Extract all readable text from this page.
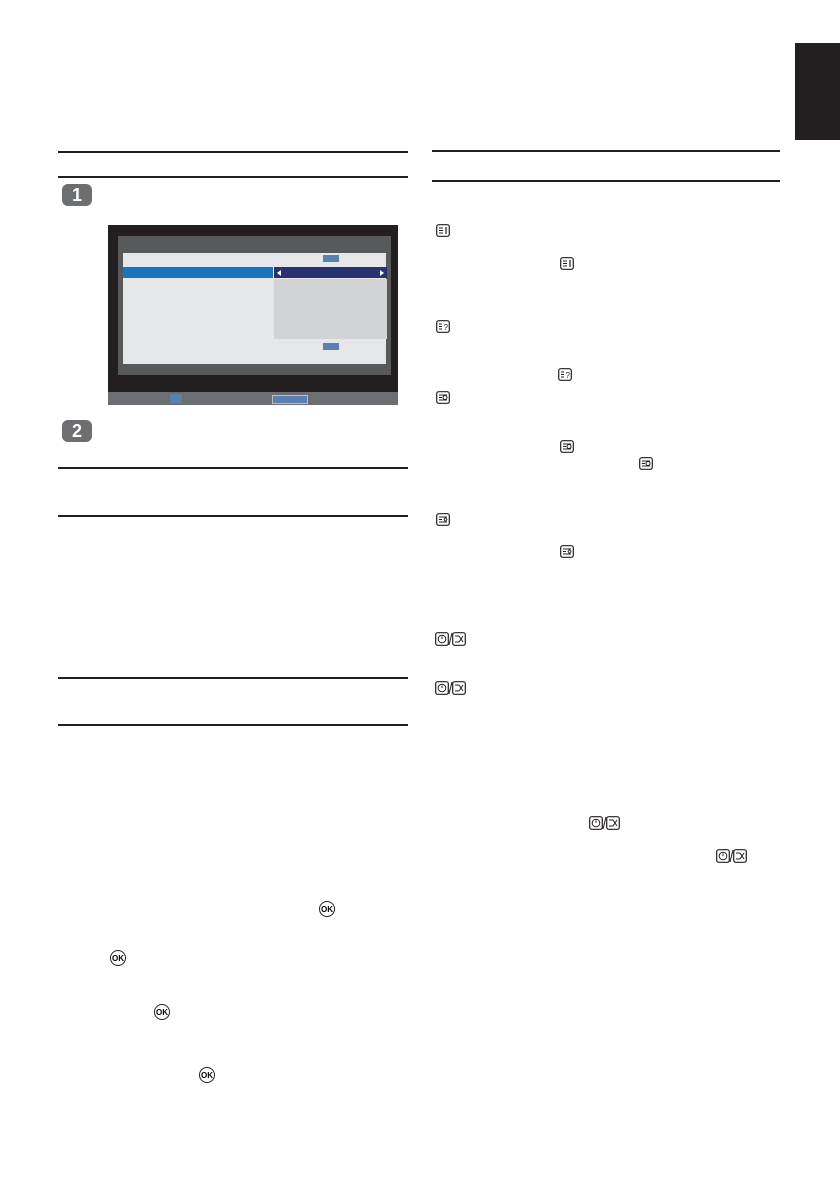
1
2
OK
OK
OK
OK
?
?
